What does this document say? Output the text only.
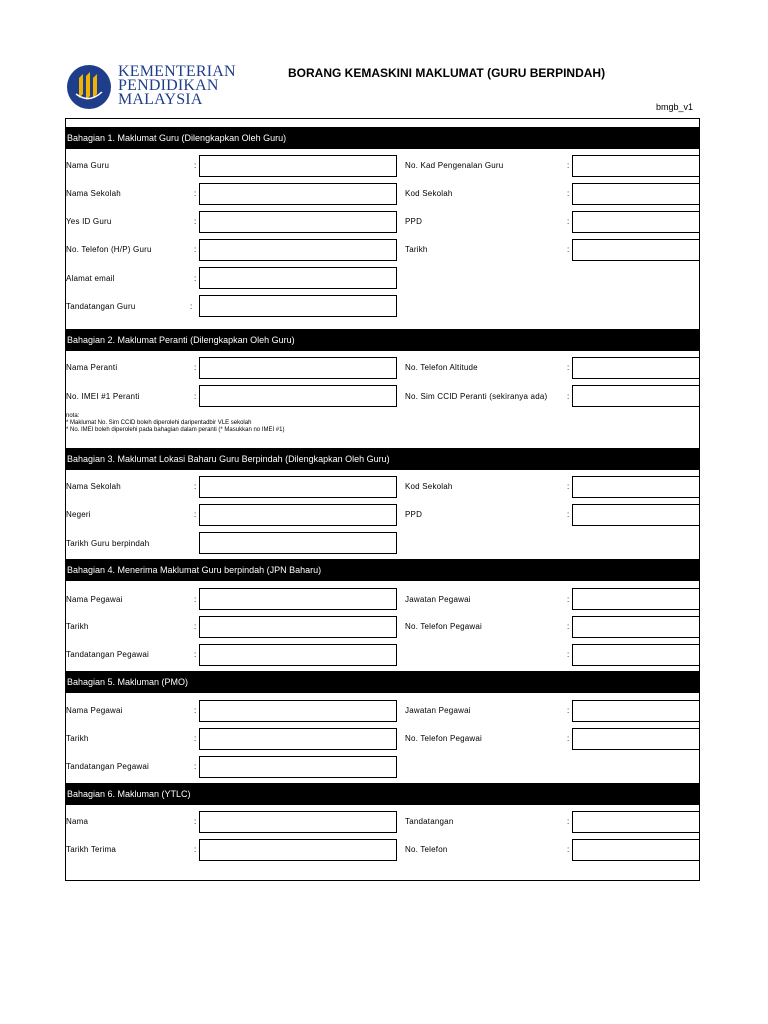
KEMENTERIAN
PENDIDIKAN
MALAYSIA
BORANG KEMASKINI MAKLUMAT (GURU BERPINDAH)
bmgb_v1
Bahagian 1. Maklumat Guru (Dilengkapkan Oleh Guru)
Nama Guru	:	No. Kad Pengenalan Guru	:
Nama Sekolah	:	Kod Sekolah	:
Yes ID Guru	:	PPD	:
No. Telefon (H/P) Guru	:	Tarikh	:
Alamat email	:
Tandatangan Guru	:
Bahagian 2. Maklumat Peranti (Dilengkapkan Oleh Guru)
Nama Peranti	:	No. Telefon Altitude	:
No. IMEI #1 Peranti	:	No. Sim CCID Peranti (sekiranya ada) :
nota:
* Maklumat No. Sim CCID boleh diperolehi daripentadbir VLE sekolah
* No. IMEI boleh diperolehi pada bahagian dalam peranti (* Masukkan no IMEI #1)
Bahagian 3. Maklumat Lokasi Baharu Guru Berpindah (Dilengkapkan Oleh Guru)
Nama Sekolah	:	Kod Sekolah	:
Negeri	:	PPD	:
Tarikh Guru berpindah
Bahagian 4. Menerima Maklumat Guru berpindah (JPN Baharu)
Nama Pegawai	:	Jawatan Pegawai	:
Tarikh	:	No. Telefon Pegawai	:
Tandatangan Pegawai	:	:
Bahagian 5. Makluman (PMO)
Nama Pegawai	:	Jawatan Pegawai	:
Tarikh	:	No. Telefon Pegawai	:
Tandatangan Pegawai	:
Bahagian 6. Makluman (YTLC)
Nama	:	Tandatangan	:
Tarikh Terima	:	No. Telefon	:
